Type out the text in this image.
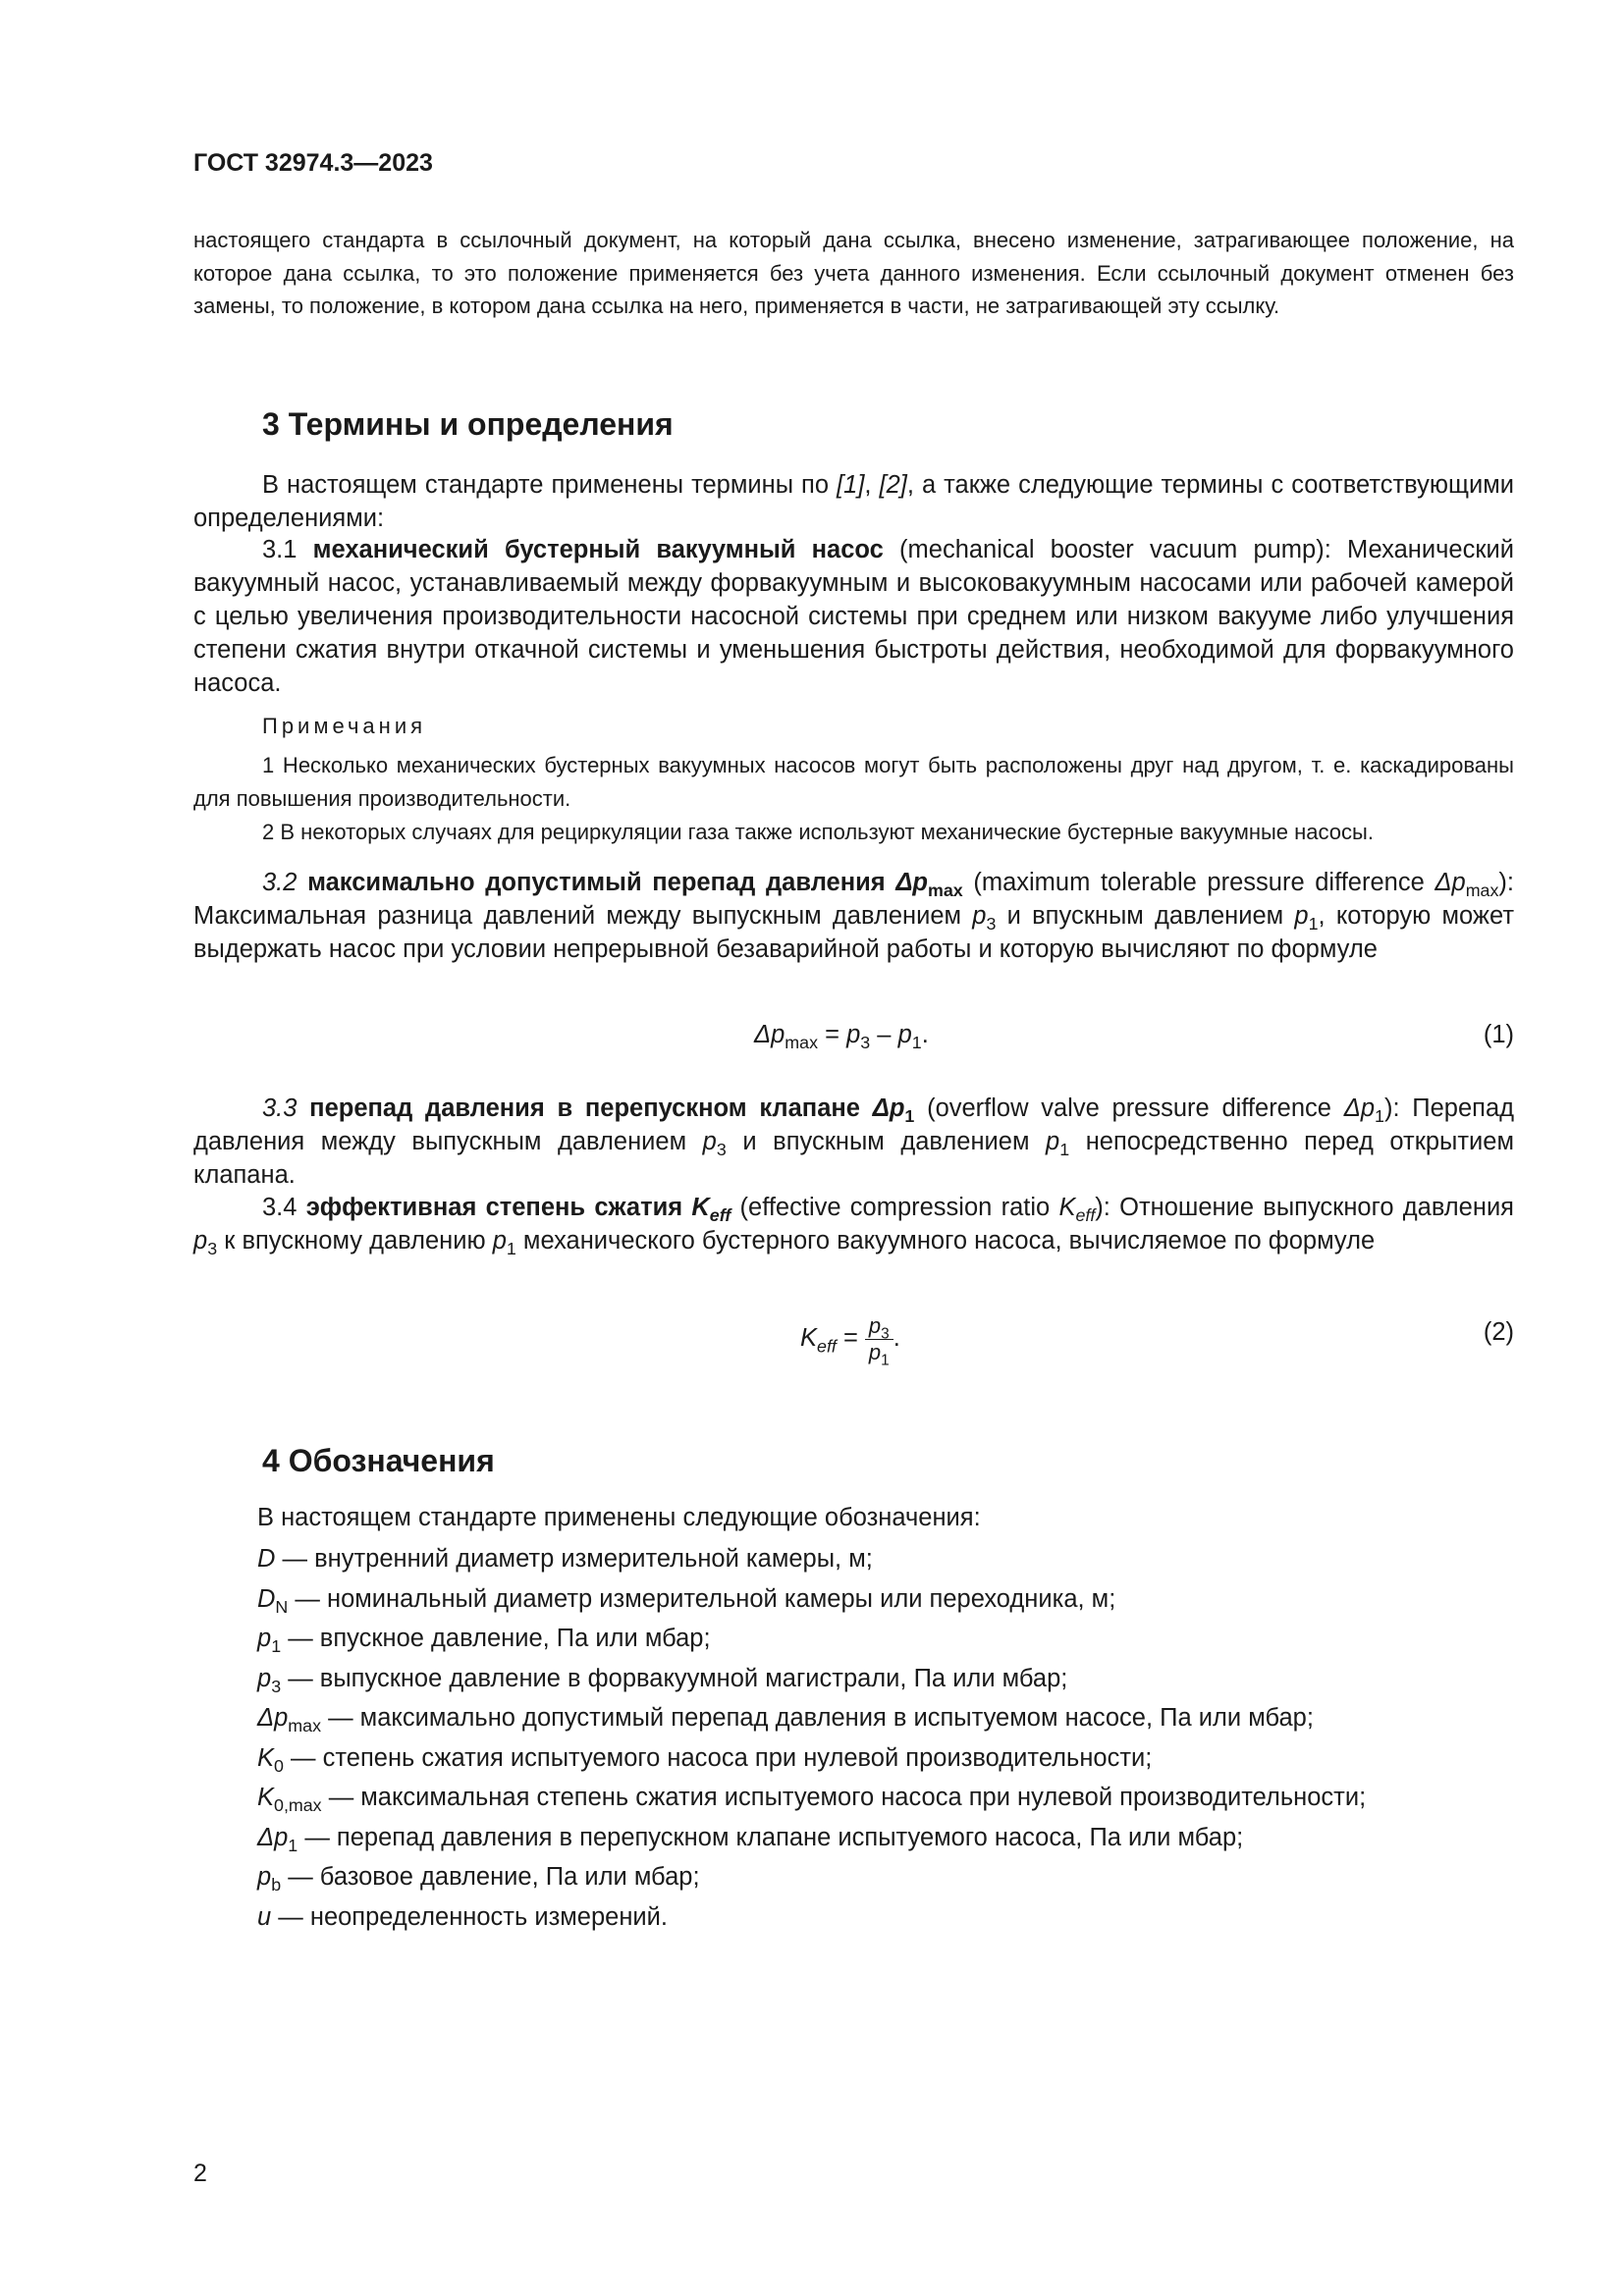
ГОСТ 32974.3—2023
настоящего стандарта в ссылочный документ, на который дана ссылка, внесено изменение, затрагивающее положение, на которое дана ссылка, то это положение применяется без учета данного изменения. Если ссылочный документ отменен без замены, то положение, в котором дана ссылка на него, применяется в части, не затрагивающей эту ссылку.
3 Термины и определения
В настоящем стандарте применены термины по [1], [2], а также следующие термины с соответствующими определениями:
3.1 механический бустерный вакуумный насос (mechanical booster vacuum pump): Механический вакуумный насос, устанавливаемый между форвакуумным и высоковакуумным насосами или рабочей камерой с целью увеличения производительности насосной системы при среднем или низком вакууме либо улучшения степени сжатия внутри откачной системы и уменьшения быстроты действия, необходимой для форвакуумного насоса.
Примечания
1 Несколько механических бустерных вакуумных насосов могут быть расположены друг над другом, т. е. каскадированы для повышения производительности.
2 В некоторых случаях для рециркуляции газа также используют механические бустерные вакуумные насосы.
3.2 максимально допустимый перепад давления $\Delta p_{max}$ (maximum tolerable pressure difference $\Delta p_{max}$): Максимальная разница давлений между выпускным давлением $p_3$ и впускным давлением $p_1$, которую может выдержать насос при условии непрерывной безаварийной работы и которую вычисляют по формуле
$\Delta p_{max} = p_3 - p_1$.	(1)
3.3 перепад давления в перепускном клапане $\Delta p_1$ (overflow valve pressure difference $\Delta p_1$): Перепад давления между выпускным давлением $p_3$ и впускным давлением $p_1$ непосредственно перед открытием клапана.
3.4 эффективная степень сжатия $K_{eff}$ (effective compression ratio $K_{eff}$): Отношение выпускного давления $p_3$ к впускному давлению $p_1$ механического бустерного вакуумного насоса, вычисляемое по формуле
$K_{eff} = \frac{p_3}{p_1}$ .	(2)
4 Обозначения
В настоящем стандарте применены следующие обозначения:
D — внутренний диаметр измерительной камеры, м;
$D_N$ — номинальный диаметр измерительной камеры или переходника, м;
$p_1$ — впускное давление, Па или мбар;
$p_3$ — выпускное давление в форвакуумной магистрали, Па или мбар;
$\Delta p_{max}$ — максимально допустимый перепад давления в испытуемом насосе, Па или мбар;
$K_0$ — степень сжатия испытуемого насоса при нулевой производительности;
$K_{0,max}$ — максимальная степень сжатия испытуемого насоса при нулевой производительности;
$\Delta p_1$ — перепад давления в перепускном клапане испытуемого насоса, Па или мбар;
$p_b$ — базовое давление, Па или мбар;
u — неопределенность измерений.
2
